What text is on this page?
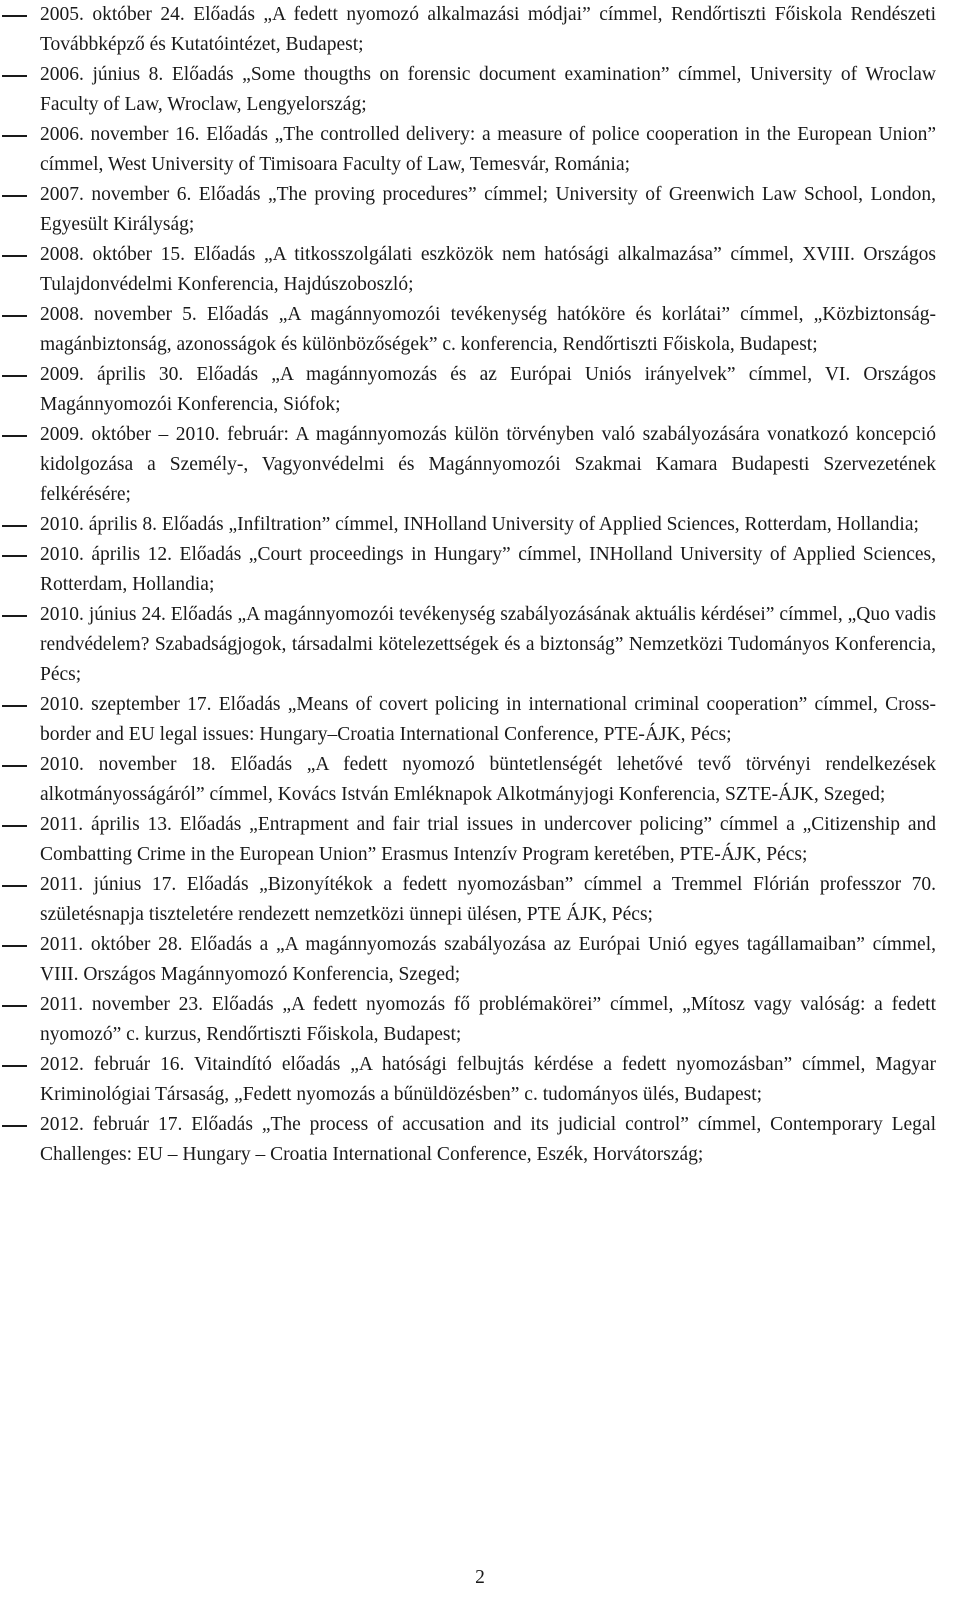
2005. október 24. Előadás „A fedett nyomozó alkalmazási módjai” címmel, Rendőrtiszti Főiskola Rendészeti Továbbképző és Kutatóintézet, Budapest;
2006. június 8. Előadás „Some thougths on forensic document examination” címmel, University of Wroclaw Faculty of Law, Wroclaw, Lengyelország;
2006. november 16. Előadás „The controlled delivery: a measure of police cooperation in the European Union” címmel, West University of Timisoara Faculty of Law, Temesvár, Románia;
2007. november 6. Előadás „The proving procedures” címmel; University of Greenwich Law School, London, Egyesült Királyság;
2008. október 15. Előadás „A titkosszolgálati eszközök nem hatósági alkalmazása” címmel, XVIII. Országos Tulajdonvédelmi Konferencia, Hajdúszoboszló;
2008. november 5. Előadás „A magánnyomozói tevékenység hatóköre és korlátai” címmel, „Közbiztonság-magánbiztonság, azonosságok és különbözőségek” c. konferencia, Rendőrtiszti Főiskola, Budapest;
2009. április 30. Előadás „A magánnyomozás és az Európai Uniós irányelvek” címmel, VI. Országos Magánnyomozói Konferencia, Siófok;
2009. október – 2010. február: A magánnyomozás külön törvényben való szabályozására vonatkozó koncepció kidolgozása a Személy-, Vagyonvédelmi és Magánnyomozói Szakmai Kamara Budapesti Szervezetének felkérésére;
2010. április 8. Előadás „Infiltration” címmel, INHolland University of Applied Sciences, Rotterdam, Hollandia;
2010. április 12. Előadás „Court proceedings in Hungary” címmel, INHolland University of Applied Sciences, Rotterdam, Hollandia;
2010. június 24. Előadás „A magánnyomozói tevékenység szabályozásának aktuális kérdései” címmel, „Quo vadis rendvédelem? Szabadságjogok, társadalmi kötelezettségek és a biztonság” Nemzetközi Tudományos Konferencia, Pécs;
2010. szeptember 17. Előadás „Means of covert policing in international criminal cooperation” címmel, Cross-border and EU legal issues: Hungary–Croatia International Conference, PTE-ÁJK, Pécs;
2010. november 18. Előadás „A fedett nyomozó büntetlenségét lehetővé tevő törvényi rendelkezések alkotmányosságáról” címmel, Kovács István Emléknapok Alkotmányjogi Konferencia, SZTE-ÁJK, Szeged;
2011. április 13. Előadás „Entrapment and fair trial issues in undercover policing” címmel a „Citizenship and Combatting Crime in the European Union” Erasmus Intenzív Program keretében, PTE-ÁJK, Pécs;
2011. június 17. Előadás „Bizonyítékok a fedett nyomozásban” címmel a Tremmel Flórián professzor 70. születésnapja tiszteletére rendezett nemzetközi ünnepi ülésen, PTE ÁJK, Pécs;
2011. október 28. Előadás a „A magánnyomozás szabályozása az Európai Unió egyes tagállamaiban” címmel, VIII. Országos Magánnyomozó Konferencia, Szeged;
2011. november 23. Előadás „A fedett nyomozás fő problémakörei” címmel, „Mítosz vagy valóság: a fedett nyomozó” c. kurzus, Rendőrtiszti Főiskola, Budapest;
2012. február 16. Vitaindító előadás „A hatósági felbujtás kérdése a fedett nyomozásban” címmel, Magyar Kriminológiai Társaság, „Fedett nyomozás a bűnüldözésben” c. tudományos ülés, Budapest;
2012. február 17. Előadás „The process of accusation and its judicial control” címmel, Contemporary Legal Challenges: EU – Hungary – Croatia International Conference, Eszék, Horvátország;
2
